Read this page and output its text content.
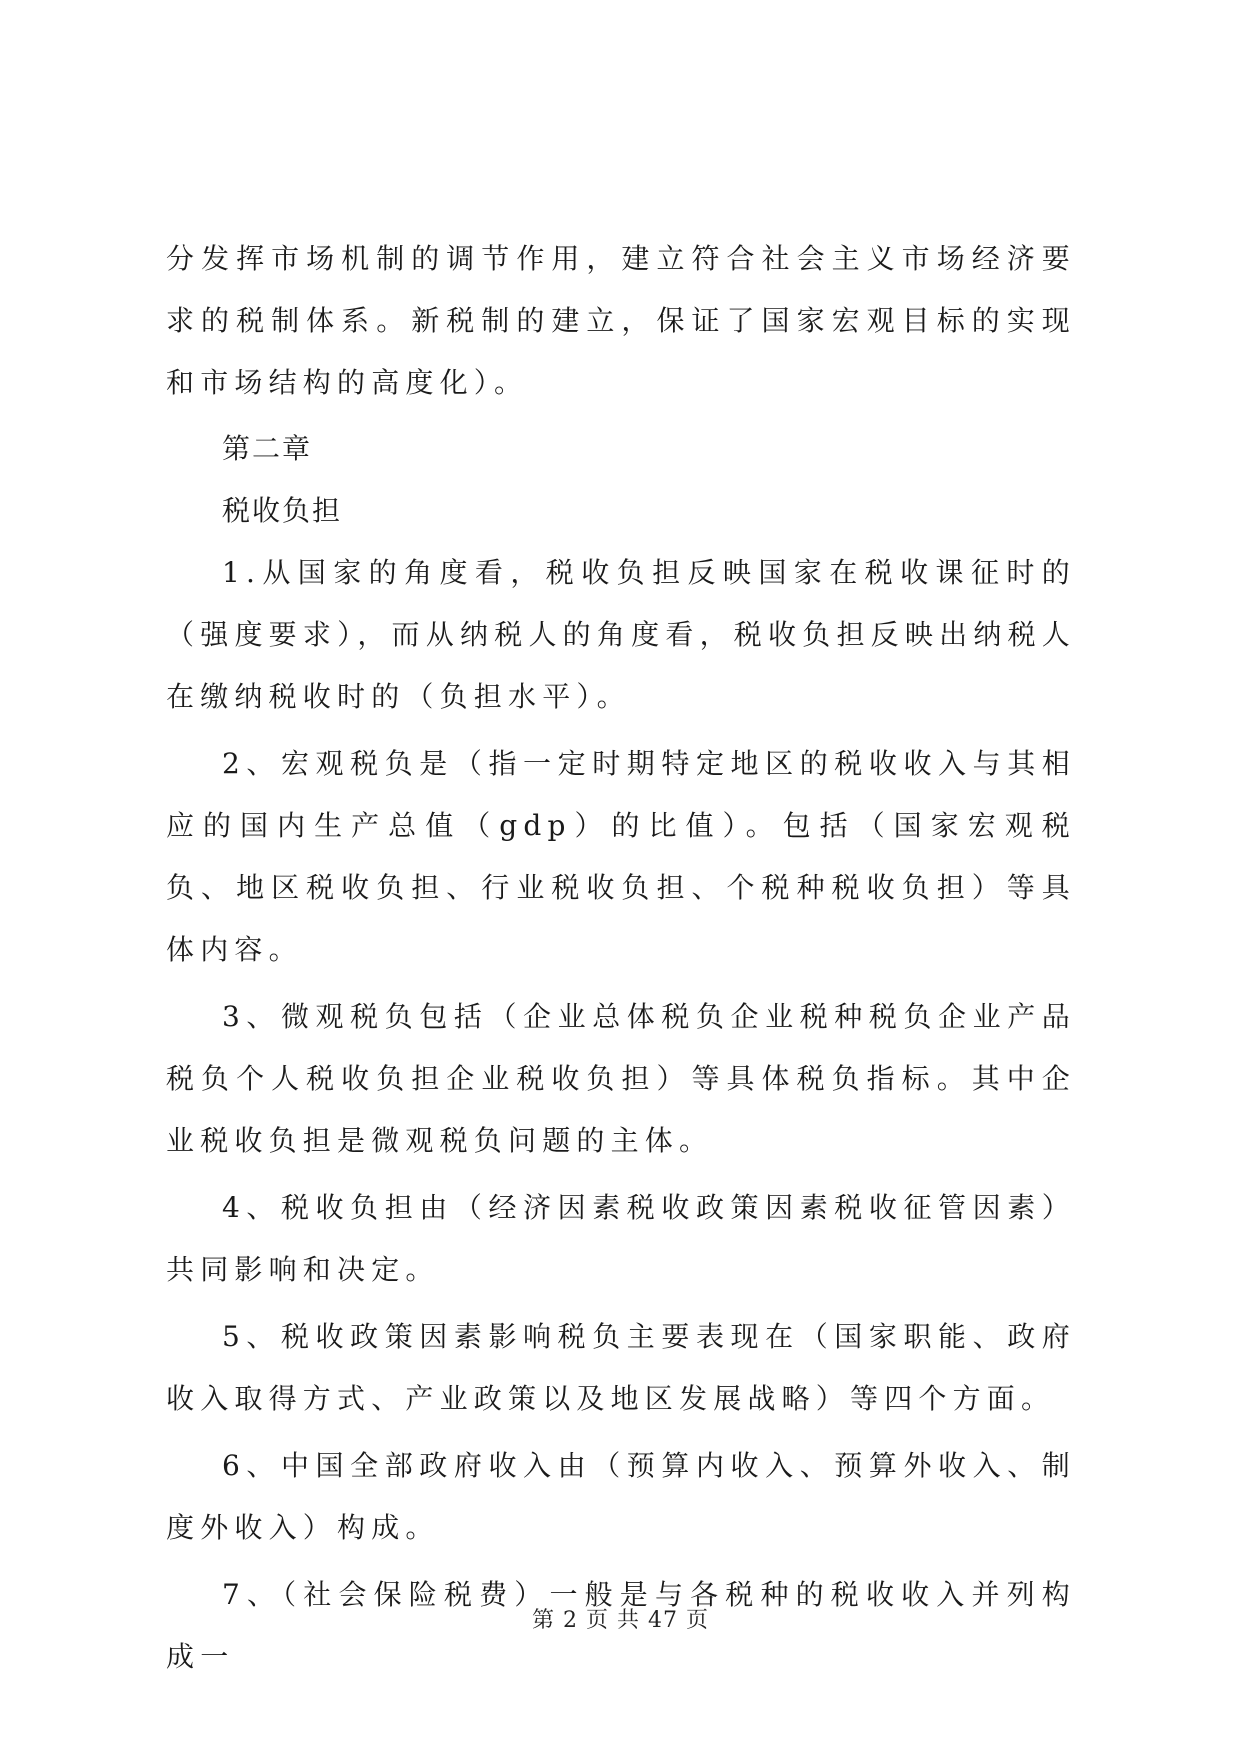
分发挥市场机制的调节作用，建立符合社会主义市场经济要求的税制体系。新税制的建立，保证了国家宏观目标的实现和市场结构的高度化）。

第二章

税收负担

1.从国家的角度看，税收负担反映国家在税收课征时的（强度要求），而从纳税人的角度看，税收负担反映出纳税人在缴纳税收时的（负担水平）。

2、宏观税负是（指一定时期特定地区的税收收入与其相应的国内生产总值（gdp）的比值）。包括（国家宏观税负、地区税收负担、行业税收负担、个税种税收负担）等具体内容。

3、微观税负包括（企业总体税负企业税种税负企业产品税负个人税收负担企业税收负担）等具体税负指标。其中企业税收负担是微观税负问题的主体。

4、税收负担由（经济因素税收政策因素税收征管因素）共同影响和决定。

5、税收政策因素影响税负主要表现在（国家职能、政府收入取得方式、产业政策以及地区发展战略）等四个方面。

6、中国全部政府收入由（预算内收入、预算外收入、制度外收入）构成。

7、（社会保险税费）一般是与各税种的税收收入并列构成一

第 2 页 共 47 页
